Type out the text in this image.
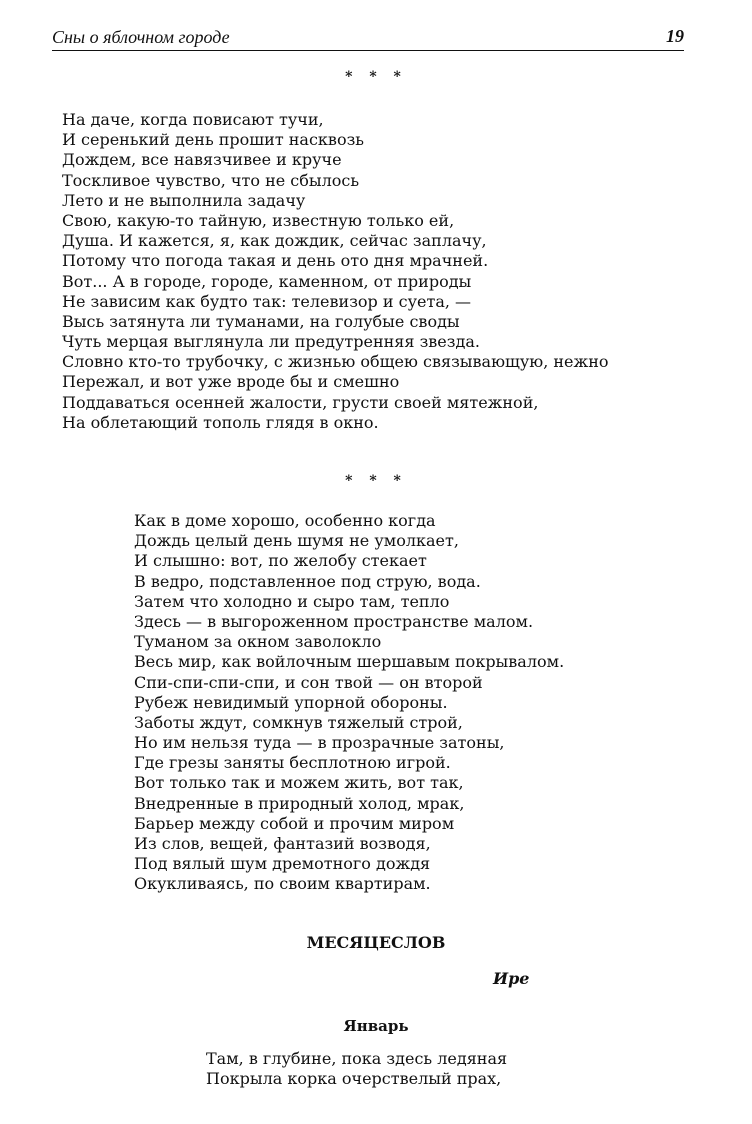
Сны о яблочном городе	19
* * *
На даче, когда повисают тучи,
И серенький день прошит насквозь
Дождем, все навязчивее и круче
Тоскливое чувство, что не сбылось
Лето и не выполнила задачу
Свою, какую-то тайную, известную только ей,
Душа. И кажется, я, как дождик, сейчас заплачу,
Потому что погода такая и день ото дня мрачней.
Вот... А в городе, городе, каменном, от природы
Не зависим как будто так: телевизор и суета, —
Высь затянута ли туманами, на голубые своды
Чуть мерцая выглянула ли предутренняя звезда.
Словно кто-то трубочку, с жизнью общею связывающую, нежно
Пережал, и вот уже вроде бы и смешно
Поддаваться осенней жалости, грусти своей мятежной,
На облетающий тополь глядя в окно.
* * *
Как в доме хорошо, особенно когда
Дождь целый день шумя не умолкает,
И слышно: вот, по желобу стекает
В ведро, подставленное под струю, вода.
Затем что холодно и сыро там, тепло
Здесь — в выгороженном пространстве малом.
Туманом за окном заволокло
Весь мир, как войлочным шершавым покрывалом.
Спи-спи-спи-спи, и сон твой — он второй
Рубеж невидимый упорной обороны.
Заботы ждут, сомкнув тяжелый строй,
Но им нельзя туда — в прозрачные затоны,
Где грезы заняты бесплотною игрой.
Вот только так и можем жить, вот так,
Внедренные в природный холод, мрак,
Барьер между собой и прочим миром
Из слов, вещей, фантазий возводя,
Под вялый шум дремотного дождя
Окукливаясь, по своим квартирам.
МЕСЯЦЕСЛОВ
Ире
Январь
Там, в глубине, пока здесь ледяная
Покрыла корка очерствелый прах,
